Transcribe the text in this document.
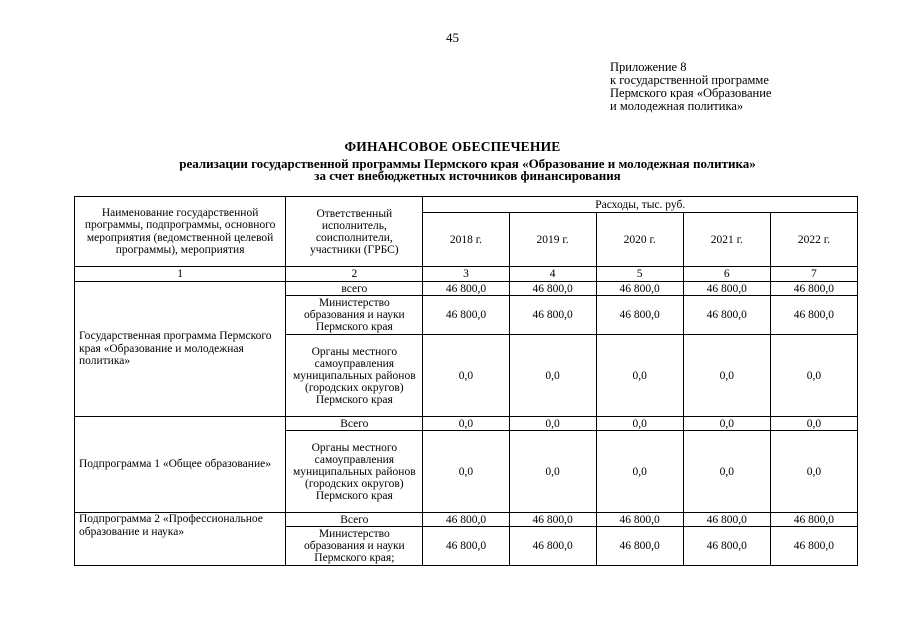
45
Приложение 8
к государственной программе
Пермского края «Образование
и молодежная политика»
ФИНАНСОВОЕ ОБЕСПЕЧЕНИЕ
реализации государственной программы Пермского края «Образование и молодежная политика»
за счет внебюджетных источников финансирования
Наименование государственной программы, подпрограммы, основного мероприятия (ведомственной целевой программы), мероприятия	Ответственный исполнитель, соисполнители, участники (ГРБС)	Расходы, тыс. руб.				
		2018 г.	2019 г.	2020 г.	2021 г.	2022 г.
1	2	3	4	5	6	7
Государственная программа Пермского края «Образование и молодежная политика»	всего	46 800,0	46 800,0	46 800,0	46 800,0	46 800,0
	Министерство образования и науки Пермского края	46 800,0	46 800,0	46 800,0	46 800,0	46 800,0
	Органы местного самоуправления муниципальных районов (городских округов) Пермского края	0,0	0,0	0,0	0,0	0,0
Подпрограмма 1 «Общее образование»	Всего	0,0	0,0	0,0	0,0	0,0
	Органы местного самоуправления муниципальных районов (городских округов) Пермского края	0,0	0,0	0,0	0,0	0,0
Подпрограмма 2 «Профессиональное образование и наука»	Всего	46 800,0	46 800,0	46 800,0	46 800,0	46 800,0
	Министерство образования и науки Пермского края;	46 800,0	46 800,0	46 800,0	46 800,0	46 800,0
